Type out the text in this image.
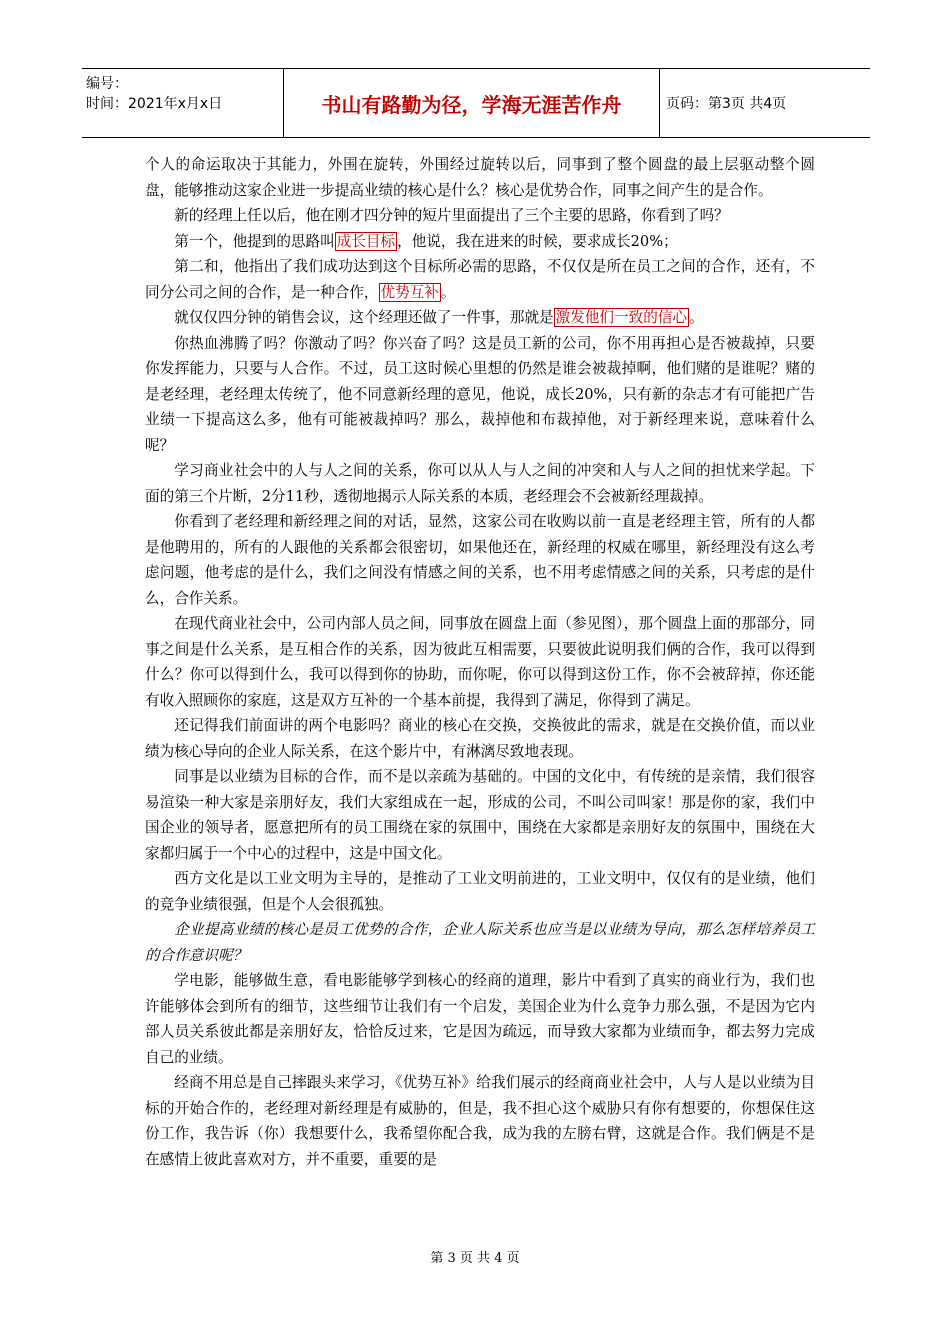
编号：
时间：2021年x月x日	书山有路勤为径，学海无涯苦作舟	页码：第3页 共4页

个人的命运取决于其能力，外围在旋转，外围经过旋转以后，同事到了整个圆盘的最上层驱动整个圆盘，能够推动这家企业进一步提高业绩的核心是什么？核心是优势合作，同事之间产生的是合作。

新的经理上任以后，他在刚才四分钟的短片里面提出了三个主要的思路，你看到了吗？

第一个，他提到的思路叫 成长目标 ，他说，我在进来的时候，要求成长20%；

第二和，他指出了我们成功达到这个目标所必需的思路，不仅仅是所在员工之间的合作，还有，不同分公司之间的合作，是一种合作， 优势互补 。

就仅仅四分钟的销售会议，这个经理还做了一件事，那就是 激发他们一致的信心 。

你热血沸腾了吗？你激动了吗？你兴奋了吗？这是员工新的公司，你不用再担心是否被裁掉，只要你发挥能力，只要与人合作。不过，员工这时候心里想的仍然是谁会被裁掉啊，他们赌的是谁呢？赌的是老经理，老经理太传统了，他不同意新经理的意见，他说，成长20%，只有新的杂志才有可能把广告业绩一下提高这么多，他有可能被裁掉吗？那么，裁掉他和布裁掉他，对于新经理来说，意味着什么呢？

学习商业社会中的人与人之间的关系，你可以从人与人之间的冲突和人与人之间的担忧来学起。下面的第三个片断，2分11秒，透彻地揭示人际关系的本质，老经理会不会被新经理裁掉。

你看到了老经理和新经理之间的对话，显然，这家公司在收购以前一直是老经理主管，所有的人都是他聘用的，所有的人跟他的关系都会很密切，如果他还在，新经理的权威在哪里，新经理没有这么考虑问题，他考虑的是什么，我们之间没有情感之间的关系，也不用考虑情感之间的关系，只考虑的是什么，合作关系。

在现代商业社会中，公司内部人员之间，同事放在圆盘上面（参见图），那个圆盘上面的那部分，同事之间是什么关系，是互相合作的关系，因为彼此互相需要，只要彼此说明我们俩的合作，我可以得到什么？你可以得到什么，我可以得到你的协助，而你呢，你可以得到这份工作，你不会被辞掉，你还能有收入照顾你的家庭，这是双方互补的一个基本前提，我得到了满足，你得到了满足。

还记得我们前面讲的两个电影吗？商业的核心在交换，交换彼此的需求，就是在交换价值，而以业绩为核心导向的企业人际关系，在这个影片中，有淋漓尽致地表现。

同事是以业绩为目标的合作，而不是以亲疏为基础的。中国的文化中，有传统的是亲情，我们很容易渲染一种大家是亲朋好友，我们大家组成在一起，形成的公司，不叫公司叫家！那是你的家，我们中国企业的领导者，愿意把所有的员工围绕在家的氛围中，围绕在大家都是亲朋好友的氛围中，围绕在大家都归属于一个中心的过程中，这是中国文化。

西方文化是以工业文明为主导的，是推动了工业文明前进的，工业文明中，仅仅有的是业绩，他们的竞争业绩很强，但是个人会很孤独。

企业提高业绩的核心是员工优势的合作，企业人际关系也应当是以业绩为导向，那么怎样培养员工的合作意识呢？

学电影，能够做生意，看电影能够学到核心的经商的道理，影片中看到了真实的商业行为，我们也许能够体会到所有的细节，这些细节让我们有一个启发，美国企业为什么竞争力那么强，不是因为它内部人员关系彼此都是亲朋好友，恰恰反过来，它是因为疏远，而导致大家都为业绩而争，都去努力完成自己的业绩。

经商不用总是自己摔跟头来学习，《优势互补》给我们展示的经商商业社会中，人与人是以业绩为目标的开始合作的，老经理对新经理是有威胁的，但是，我不担心这个威胁只有你有想要的，你想保住这份工作，我告诉（你）我想要什么，我希望你配合我，成为我的左膀右臂，这就是合作。我们俩是不是在感情上彼此喜欢对方，并不重要，重要的是

第 3 页 共 4 页
